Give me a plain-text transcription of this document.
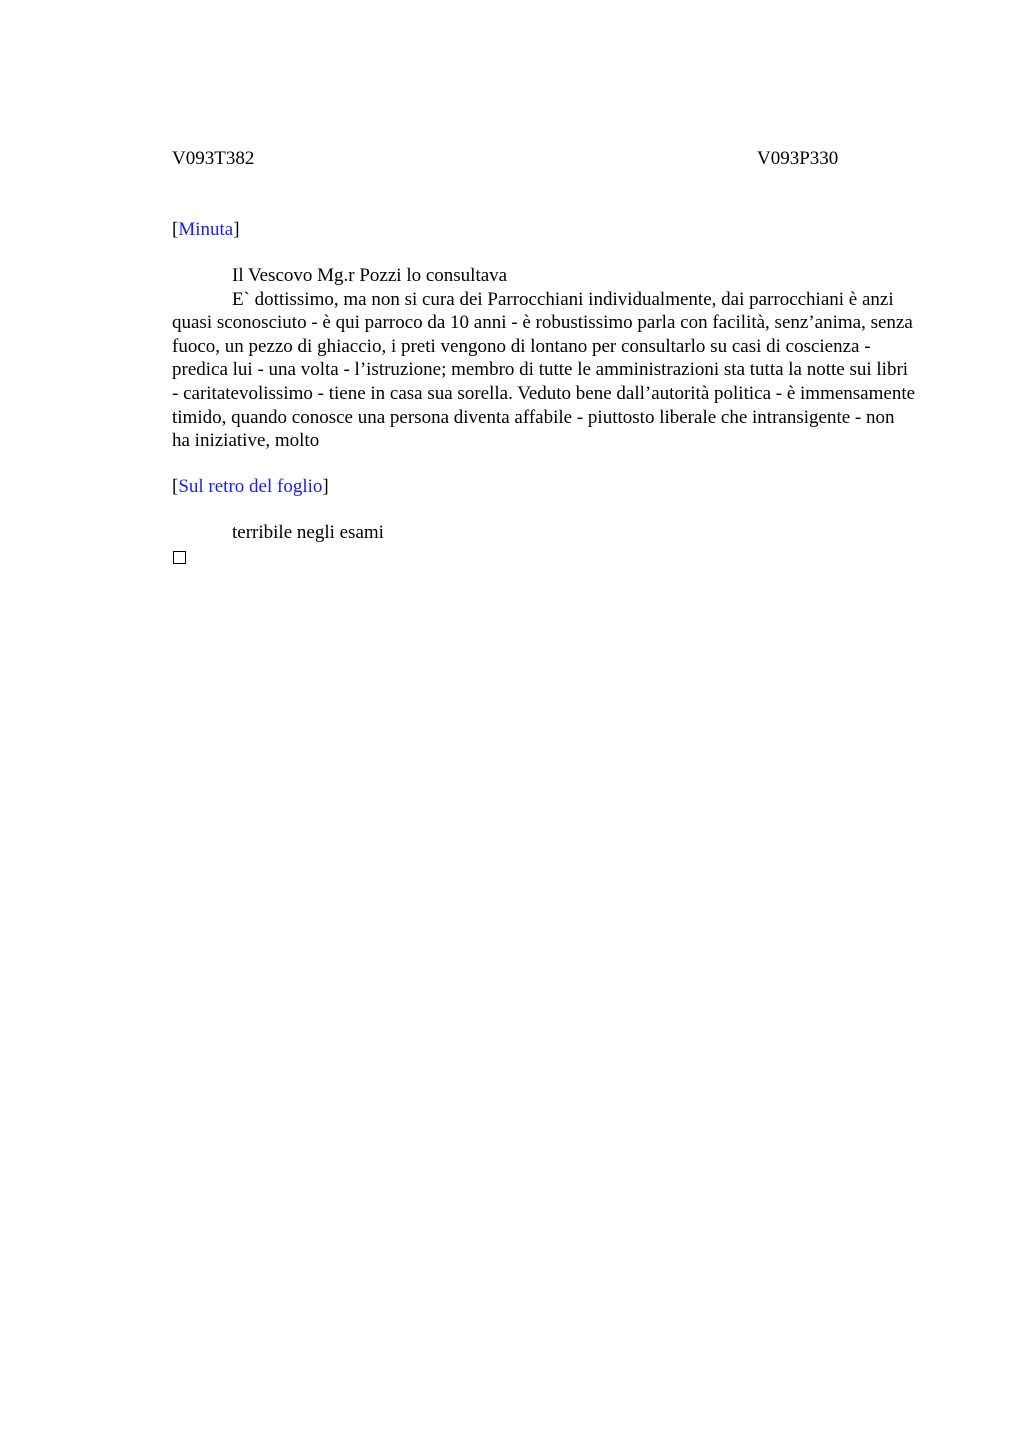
V093T382	V093P330
[Minuta]
Il Vescovo Mg.r Pozzi lo consultava
E` dottissimo, ma non si cura dei Parrocchiani individualmente, dai parrocchiani è anzi quasi sconosciuto - è qui parroco da 10 anni - è robustissimo parla con facilità, senz’anima, senza fuoco, un pezzo di ghiaccio, i preti vengono di lontano per consultarlo su casi di coscienza - predica lui - una volta - l’istruzione; membro di tutte le amministrazioni sta tutta la notte sui libri - caritatevolissimo - tiene in casa sua sorella. Veduto bene dall’autorità politica - è immensamente timido, quando conosce una persona diventa affabile - piuttosto liberale che intransigente - non ha iniziative, molto
[Sul retro del foglio]
terribile negli esami
